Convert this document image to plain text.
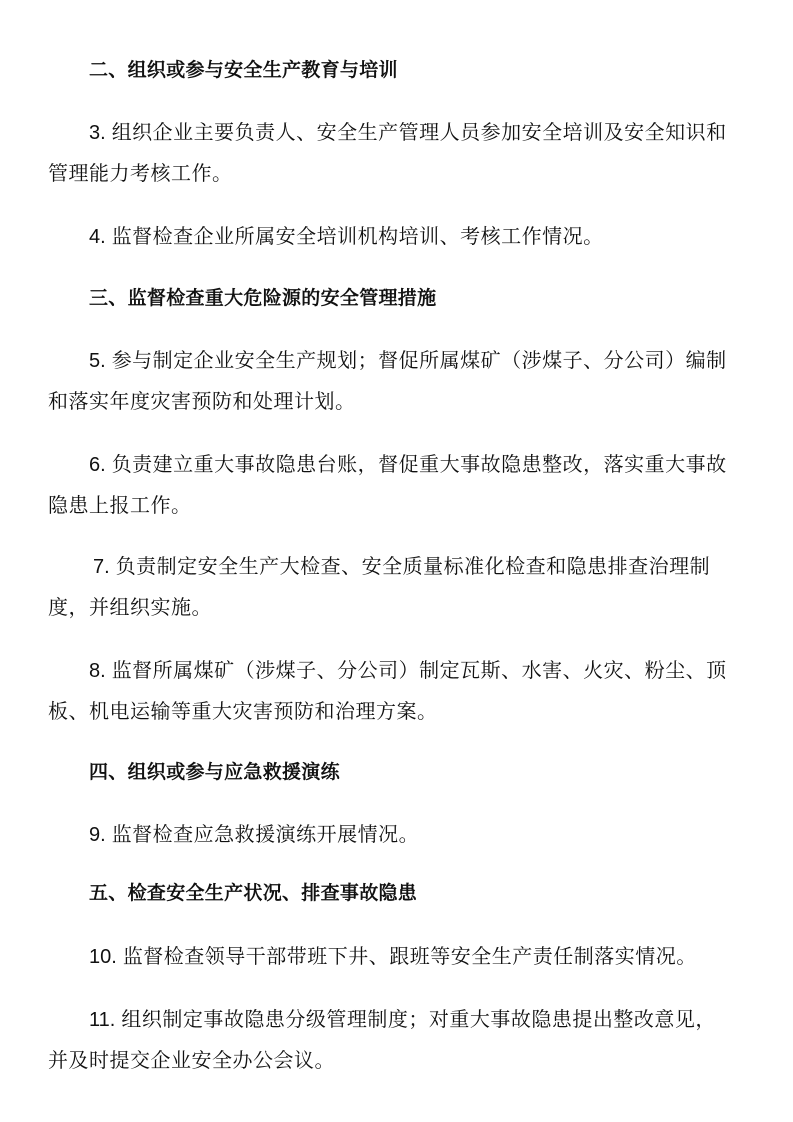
二、组织或参与安全生产教育与培训
3. 组织企业主要负责人、安全生产管理人员参加安全培训及安全知识和
管理能力考核工作。
4. 监督检查企业所属安全培训机构培训、考核工作情况。
三、监督检查重大危险源的安全管理措施
5. 参与制定企业安全生产规划；督促所属煤矿（涉煤子、分公司）编制
和落实年度灾害预防和处理计划。
6. 负责建立重大事故隐患台账，督促重大事故隐患整改，落实重大事故
隐患上报工作。
7. 负责制定安全生产大检查、安全质量标准化检查和隐患排查治理制
度，并组织实施。
8. 监督所属煤矿（涉煤子、分公司）制定瓦斯、水害、火灾、粉尘、顶
板、机电运输等重大灾害预防和治理方案。
四、组织或参与应急救援演练
9. 监督检查应急救援演练开展情况。
五、检查安全生产状况、排查事故隐患
10. 监督检查领导干部带班下井、跟班等安全生产责任制落实情况。
11. 组织制定事故隐患分级管理制度；对重大事故隐患提出整改意见，
并及时提交企业安全办公会议。
